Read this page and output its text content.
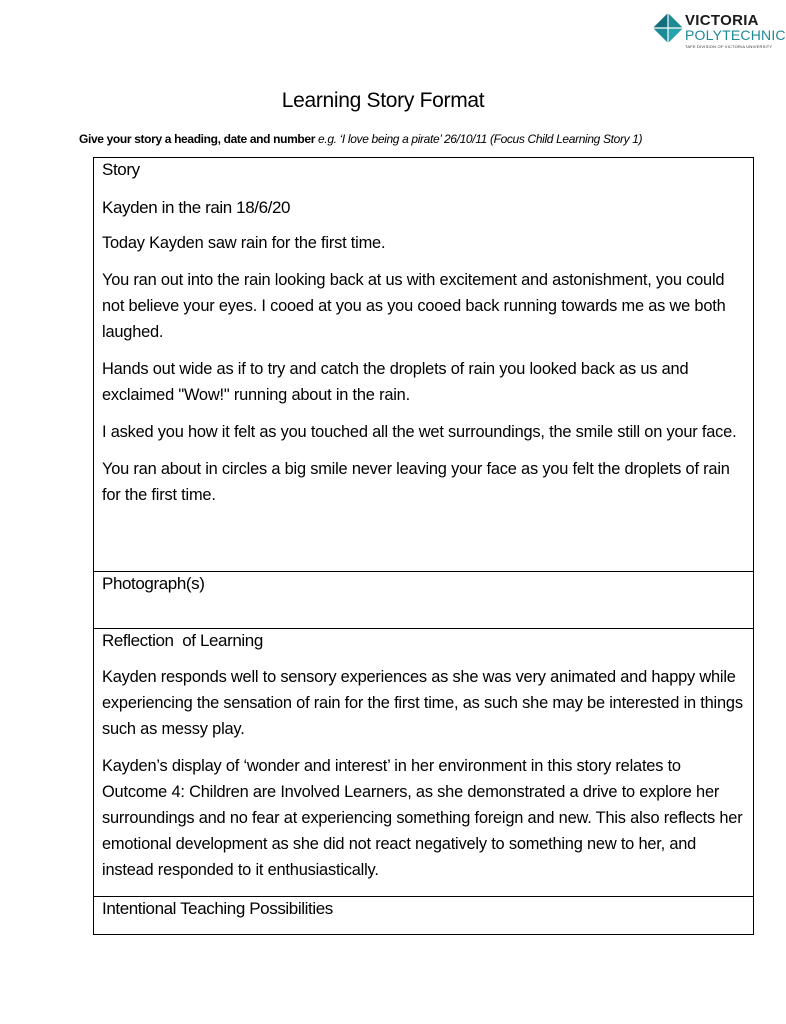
VICTORIA
POLYTECHNIC
TAFE DIVISION OF VICTORIA UNIVERSITY
Learning Story Format
Give your story a heading, date and number e.g. ‘I love being a pirate’ 26/10/11 (Focus Child Learning Story 1)
Story
Kayden in the rain 18/6/20

Today Kayden saw rain for the first time.

You ran out into the rain looking back at us with excitement and astonishment, you could not believe your eyes. I cooed at you as you cooed back running towards me as we both laughed.

Hands out wide as if to try and catch the droplets of rain you looked back as us and exclaimed "Wow!" running about in the rain.

I asked you how it felt as you touched all the wet surroundings, the smile still on your face.

You ran about in circles a big smile never leaving your face as you felt the droplets of rain for the first time.

Photograph(s)
Reflection  of Learning

Kayden responds well to sensory experiences as she was very animated and happy while experiencing the sensation of rain for the first time, as such she may be interested in things such as messy play.

Kayden’s display of ‘wonder and interest’ in her environment in this story relates to Outcome 4: Children are Involved Learners, as she demonstrated a drive to explore her surroundings and no fear at experiencing something foreign and new. This also reflects her emotional development as she did not react negatively to something new to her, and instead responded to it enthusiastically.

Intentional Teaching Possibilities
